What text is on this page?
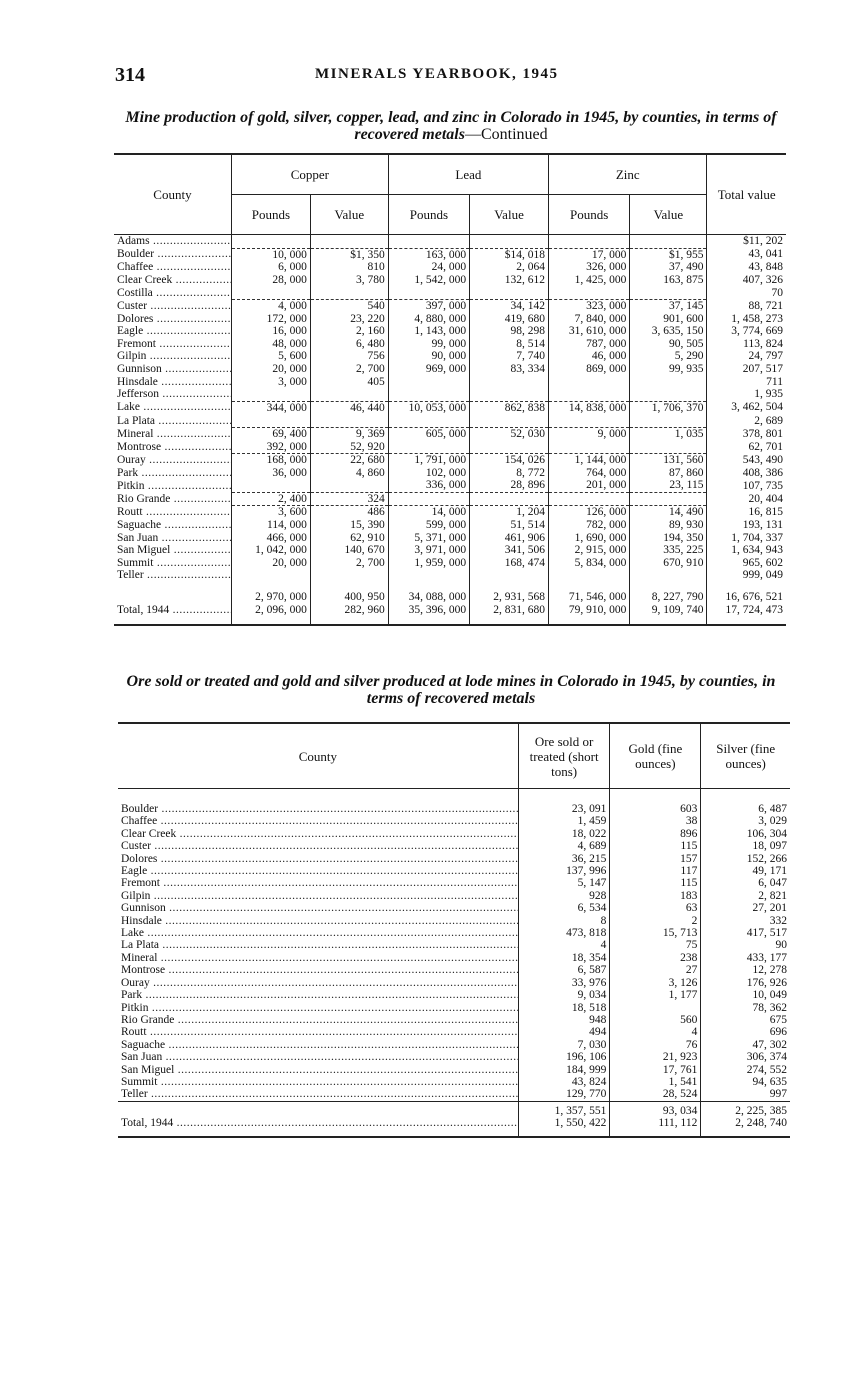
314	MINERALS YEARBOOK, 1945
Mine production of gold, silver, copper, lead, and zinc in Colorado in 1945, by counties, in terms of recovered metals—Continued
County	Copper		Lead		Zinc		Total value
	Pounds	Value	Pounds	Value	Pounds	Value	
Adams .....							$11, 202
Boulder .....	10, 000	$1, 350	163, 000	$14, 018	17, 000	$1, 955	43, 041
Chaffee .....	6, 000	810	24, 000	2, 064	326, 000	37, 490	43, 848
Clear Creek .....	28, 000	3, 780	1, 542, 000	132, 612	1, 425, 000	163, 875	407, 326
Costilla .....							70
Custer .....	4, 000	540	397, 000	34, 142	323, 000	37, 145	88, 721
Dolores .....	172, 000	23, 220	4, 880, 000	419, 680	7, 840, 000	901, 600	1, 458, 273
Eagle .....	16, 000	2, 160	1, 143, 000	98, 298	31, 610, 000	3, 635, 150	3, 774, 669
Fremont .....	48, 000	6, 480	99, 000	8, 514	787, 000	90, 505	113, 824
Gilpin .....	5, 600	756	90, 000	7, 740	46, 000	5, 290	24, 797
Gunnison .....	20, 000	2, 700	969, 000	83, 334	869, 000	99, 935	207, 517
Hinsdale .....	3, 000	405					711
Jefferson .....							1, 935
Lake .....	344, 000	46, 440	10, 053, 000	862, 838	14, 838, 000	1, 706, 370	3, 462, 504
La Plata .....							2, 689
Mineral .....	69, 400	9, 369	605, 000	52, 030	9, 000	1, 035	378, 801
Montrose .....	392, 000	52, 920					62, 701
Ouray .....	168, 000	22, 680	1, 791, 000	154, 026	1, 144, 000	131, 560	543, 490
Park .....	36, 000	4, 860	102, 000	8, 772	764, 000	87, 860	408, 386
Pitkin .....			336, 000	28, 896	201, 000	23, 115	107, 735
Rio Grande .....	2, 400	324					20, 404
Routt .....	3, 600	486	14, 000	1, 204	126, 000	14, 490	16, 815
Saguache .....	114, 000	15, 390	599, 000	51, 514	782, 000	89, 930	193, 131
San Juan .....	466, 000	62, 910	5, 371, 000	461, 906	1, 690, 000	194, 350	1, 704, 337
San Miguel .....	1, 042, 000	140, 670	3, 971, 000	341, 506	2, 915, 000	335, 225	1, 634, 943
Summit .....	20, 000	2, 700	1, 959, 000	168, 474	5, 834, 000	670, 910	965, 602
Teller .....							999, 049
	2, 970, 000	400, 950	34, 088, 000	2, 931, 568	71, 546, 000	8, 227, 790	16, 676, 521
Total, 1944 .....	2, 096, 000	282, 960	35, 396, 000	2, 831, 680	79, 910, 000	9, 109, 740	17, 724, 473
Ore sold or treated and gold and silver produced at lode mines in Colorado in 1945, by counties, in terms of recovered metals
County	Ore sold or treated (short tons)	Gold (fine ounces)	Silver (fine ounces)
Boulder .....	23, 091	603	6, 487
Chaffee .....	1, 459	38	3, 029
Clear Creek .....	18, 022	896	106, 304
Custer .....	4, 689	115	18, 097
Dolores .....	36, 215	157	152, 266
Eagle .....	137, 996	117	49, 171
Fremont .....	5, 147	115	6, 047
Gilpin .....	928	183	2, 821
Gunnison .....	6, 534	63	27, 201
Hinsdale .....	8	2	332
Lake .....	473, 818	15, 713	417, 517
La Plata .....	4	75	90
Mineral .....	18, 354	238	433, 177
Montrose .....	6, 587	27	12, 278
Ouray .....	33, 976	3, 126	176, 926
Park .....	9, 034	1, 177	10, 049
Pitkin .....	18, 518		78, 362
Rio Grande .....	948	560	675
Routt .....	494	4	696
Saguache .....	7, 030	76	47, 302
San Juan .....	196, 106	21, 923	306, 374
San Miguel .....	184, 999	17, 761	274, 552
Summit .....	43, 824	1, 541	94, 635
Teller .....	129, 770	28, 524	997
	1, 357, 551	93, 034	2, 225, 385
Total, 1944 .....	1, 550, 422	111, 112	2, 248, 740
